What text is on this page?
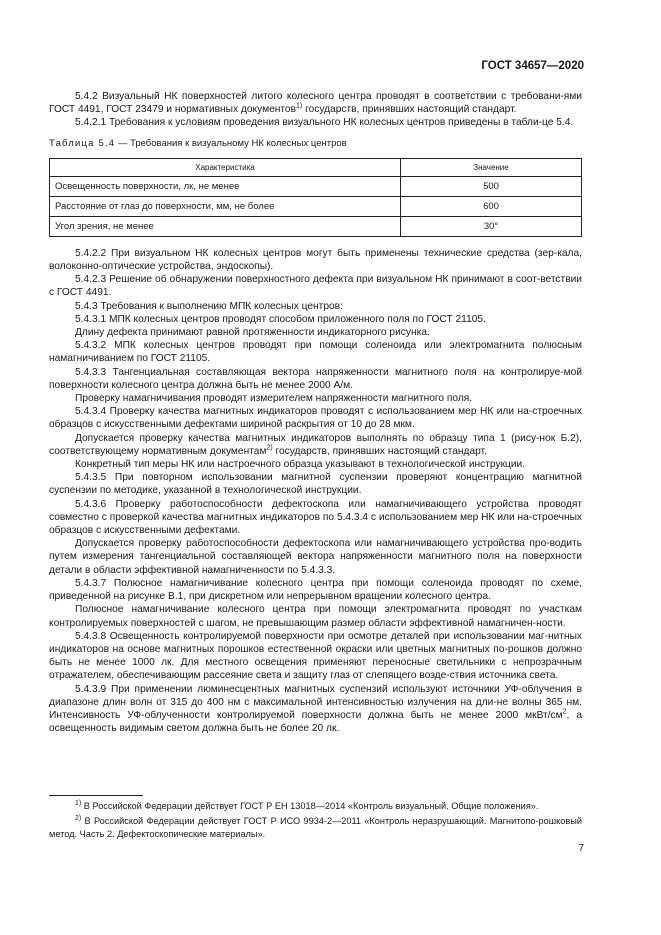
ГОСТ 34657—2020

5.4.2 Визуальный НК поверхностей литого колесного центра проводят в соответствии с требовани-ями ГОСТ 4491, ГОСТ 23479 и нормативных документов$^{1)}$ государств, принявших настоящий стандарт.

5.4.2.1 Требования к условиям проведения визуального НК колесных центров приведены в табли-це 5.4.

Таблица 5.4 — Требования к визуальному НК колесных центров
Характеристика	Значение
Освещенность поверхности, лк, не менее	500
Расстояние от глаз до поверхности, мм, не более	600
Угол зрения, не менее	30°

5.4.2.2 При визуальном НК колесных центров могут быть применены технические средства (зер-кала, волоконно-оптические устройства, эндоскопы).

5.4.2.3 Решение об обнаружении поверхностного дефекта при визуальном НК принимают в соот-ветствии с ГОСТ 4491.

5.4.3 Требования к выполнению МПК колесных центров:

5.4.3.1 МПК колесных центров проводят способом приложенного поля по ГОСТ 21105.

Длину дефекта принимают равной протяженности индикаторного рисунка.

5.4.3.2 МПК колесных центров проводят при помощи соленоида или электромагнита полюсным намагничиванием по ГОСТ 21105.

5.4.3.3 Тангенциальная составляющая вектора напряженности магнитного поля на контролируе-мой поверхности колесного центра должна быть не менее 2000 А/м.

Проверку намагничивания проводят измерителем напряженности магнитного поля.

5.4.3.4 Проверку качества магнитных индикаторов проводят с использованием мер НК или на-строечных образцов с искусственными дефектами шириной раскрытия от 10 до 28 мкм.

Допускается проверку качества магнитных индикаторов выполнять по образцу типа 1 (рису-нок Б.2), соответствующему нормативным документам$^{2)}$ государств, принявших настоящий стандарт.

Конкретный тип меры НК или настроечного образца указывают в технологической инструкции.

5.4.3.5 При повторном использовании магнитной суспензии проверяют концентрацию магнитной суспензии по методике, указанной в технологической инструкции.

5.4.3.6 Проверку работоспособности дефектоскопа или намагничивающего устройства проводят совместно с проверкой качества магнитных индикаторов по 5.4.3.4 с использованием мер НК или на-строечных образцов с искусственными дефектами.

Допускается проверку работоспособности дефектоскопа или намагничивающего устройства про-водить путем измерения тангенциальной составляющей вектора напряженности магнитного поля на поверхности детали в области эффективной намагниченности по 5.4.3.3.

5.4.3.7 Полюсное намагничивание колесного центра при помощи соленоида проводят по схеме, приведенной на рисунке В.1, при дискретном или непрерывном вращении колесного центра.

Полюсное намагничивание колесного центра при помощи электромагнита проводят по участкам контролируемых поверхностей с шагом, не превышающим размер области эффективной намагничен-ности.

5.4.3.8 Освещенность контролируемой поверхности при осмотре деталей при использовании маг-нитных индикаторов на основе магнитных порошков естественной окраски или цветных магнитных по-рошков должно быть не менее 1000 лк. Для местного освещения применяют переносные светильники с непрозрачным отражателем, обеспечивающим рассеяние света и защиту глаз от слепящего возде-ствия источника света.

5.4.3.9 При применении люминесцентных магнитных суспензий используют источники УФ-облучения в диапазоне длин волн от 315 до 400 нм с максимальной интенсивностью излучения на дли-не волны 365 нм. Интенсивность УФ-облученности контролируемой поверхности должна быть не менее 2000 мкВт/$см^2$, а освещенность видимым светом должна быть не более 20 лк.

$^{1)}$ В Российской Федерации действует ГОСТ Р ЕН 13018—2014 «Контроль визуальный. Общие положения».
$^{2)}$ В Российской Федерации действует ГОСТ Р ИСО 9934-2—2011 «Контроль неразрушающий. Магнитопо-рошковый метод. Часть 2. Дефектоскопические материалы».
7
